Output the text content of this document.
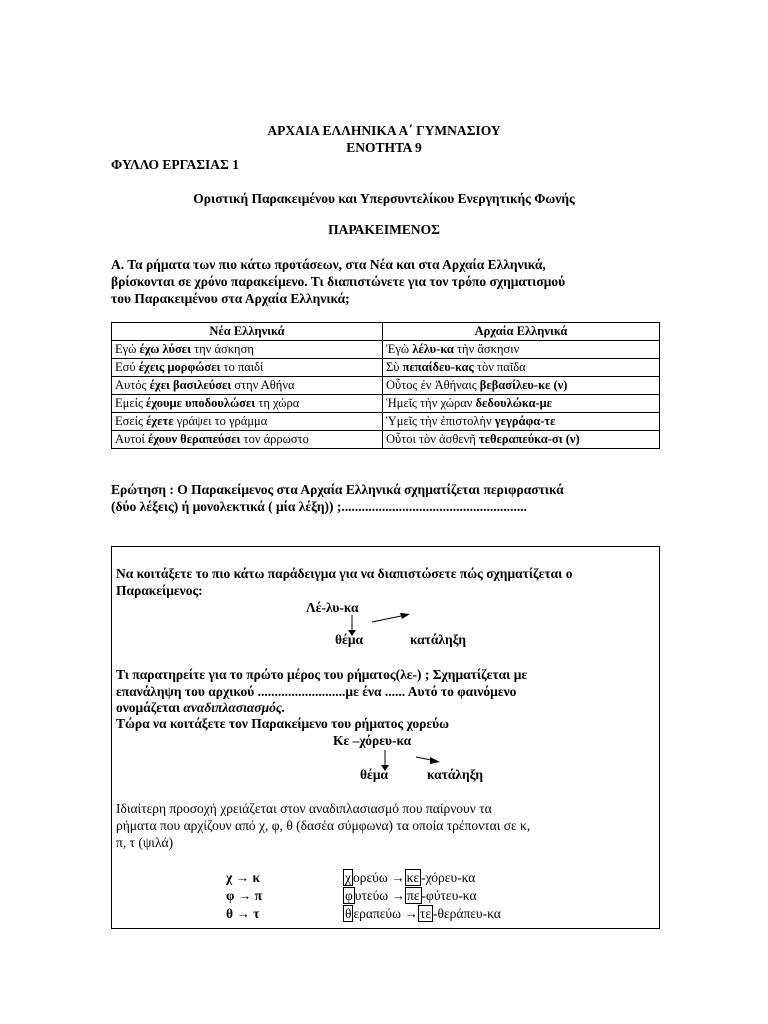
ΑΡΧΑΙΑ ΕΛΛΗΝΙΚΑ Α΄ ΓΥΜΝΑΣΙΟΥ
ΕΝΟΤΗΤΑ 9
ΦΥΛΛΟ ΕΡΓΑΣΙΑΣ 1
Οριστική Παρακειμένου και Υπερσυντελίκου Ενεργητικής Φωνής
ΠΑΡΑΚΕΙΜΕΝΟΣ
Α. Τα ρήματα των πιο κάτω προτάσεων, στα Νέα και στα Αρχαία Ελληνικά,
βρίσκονται σε χρόνο παρακείμενο. Τι διαπιστώνετε για τον τρόπο σχηματισμού
του Παρακειμένου στα Αρχαία Ελληνικά;
Νέα Ελληνικά	Αρχαία Ελληνικά
Εγώ έχω λύσει την άσκηση	Ἐγὼ λέλυ-κα τὴν ἄσκησιν
Εσύ έχεις μορφώσει το παιδί	Σὺ πεπαίδευ-κας τὸν παῖδα
Αυτός έχει βασιλεύσει στην Αθήνα	Οὗτος ἐν Ἀθήναις βεβασίλευ-κε (ν)
Εμείς έχουμε υποδουλώσει τη χώρα	Ἡμεῖς τὴν χώραν δεδουλώκα-με
Εσείς έχετε γράψει το γράμμα	Ὑμεῖς τὴν ἐπιστολὴν γεγράφα-τε
Αυτοί έχουν θεραπεύσει τον άρρωστο	Οὗτοι τὸν ἀσθενῆ τεθεραπεύκα-σι (ν)
Ερώτηση : Ο Παρακείμενος στα Αρχαία Ελληνικά σχηματίζεται περιφραστικά
(δύο λέξεις) ή μονολεκτικά ( μία λέξη)) ;.......................................................
Να κοιτάξετε το πιο κάτω παράδειγμα για να διαπιστώσετε πώς σχηματίζεται ο
Παρακείμενος:
Λέ-λυ-κα
θέμα	κατάληξη
Τι παρατηρείτε για το πρώτο μέρος του ρήματος(λε-) ; Σχηματίζεται με
επανάληψη του αρχικού ..........................με ένα ...... Αυτό το φαινόμενο
ονομάζεται αναδιπλασιασμός.
Τώρα να κοιτάξετε τον Παρακείμενο του ρήματος χορεύω
Κε –χόρευ-κα
θέμα	κατάληξη
Ιδιαίτερη προσοχή χρειάζεται στον αναδιπλασιασμό που παίρνουν τα
ρήματα που αρχίζουν από χ, φ, θ (δασέα σύμφωνα) τα οποία τρέπονται σε κ,
π, τ (ψιλά)
χ → κ	χ ορεύω → κε -χόρευ-κα
φ → π	φ υτεύω → πε -φύτευ-κα
θ → τ	θ εραπεύω → τε -θεράπευ-κα
